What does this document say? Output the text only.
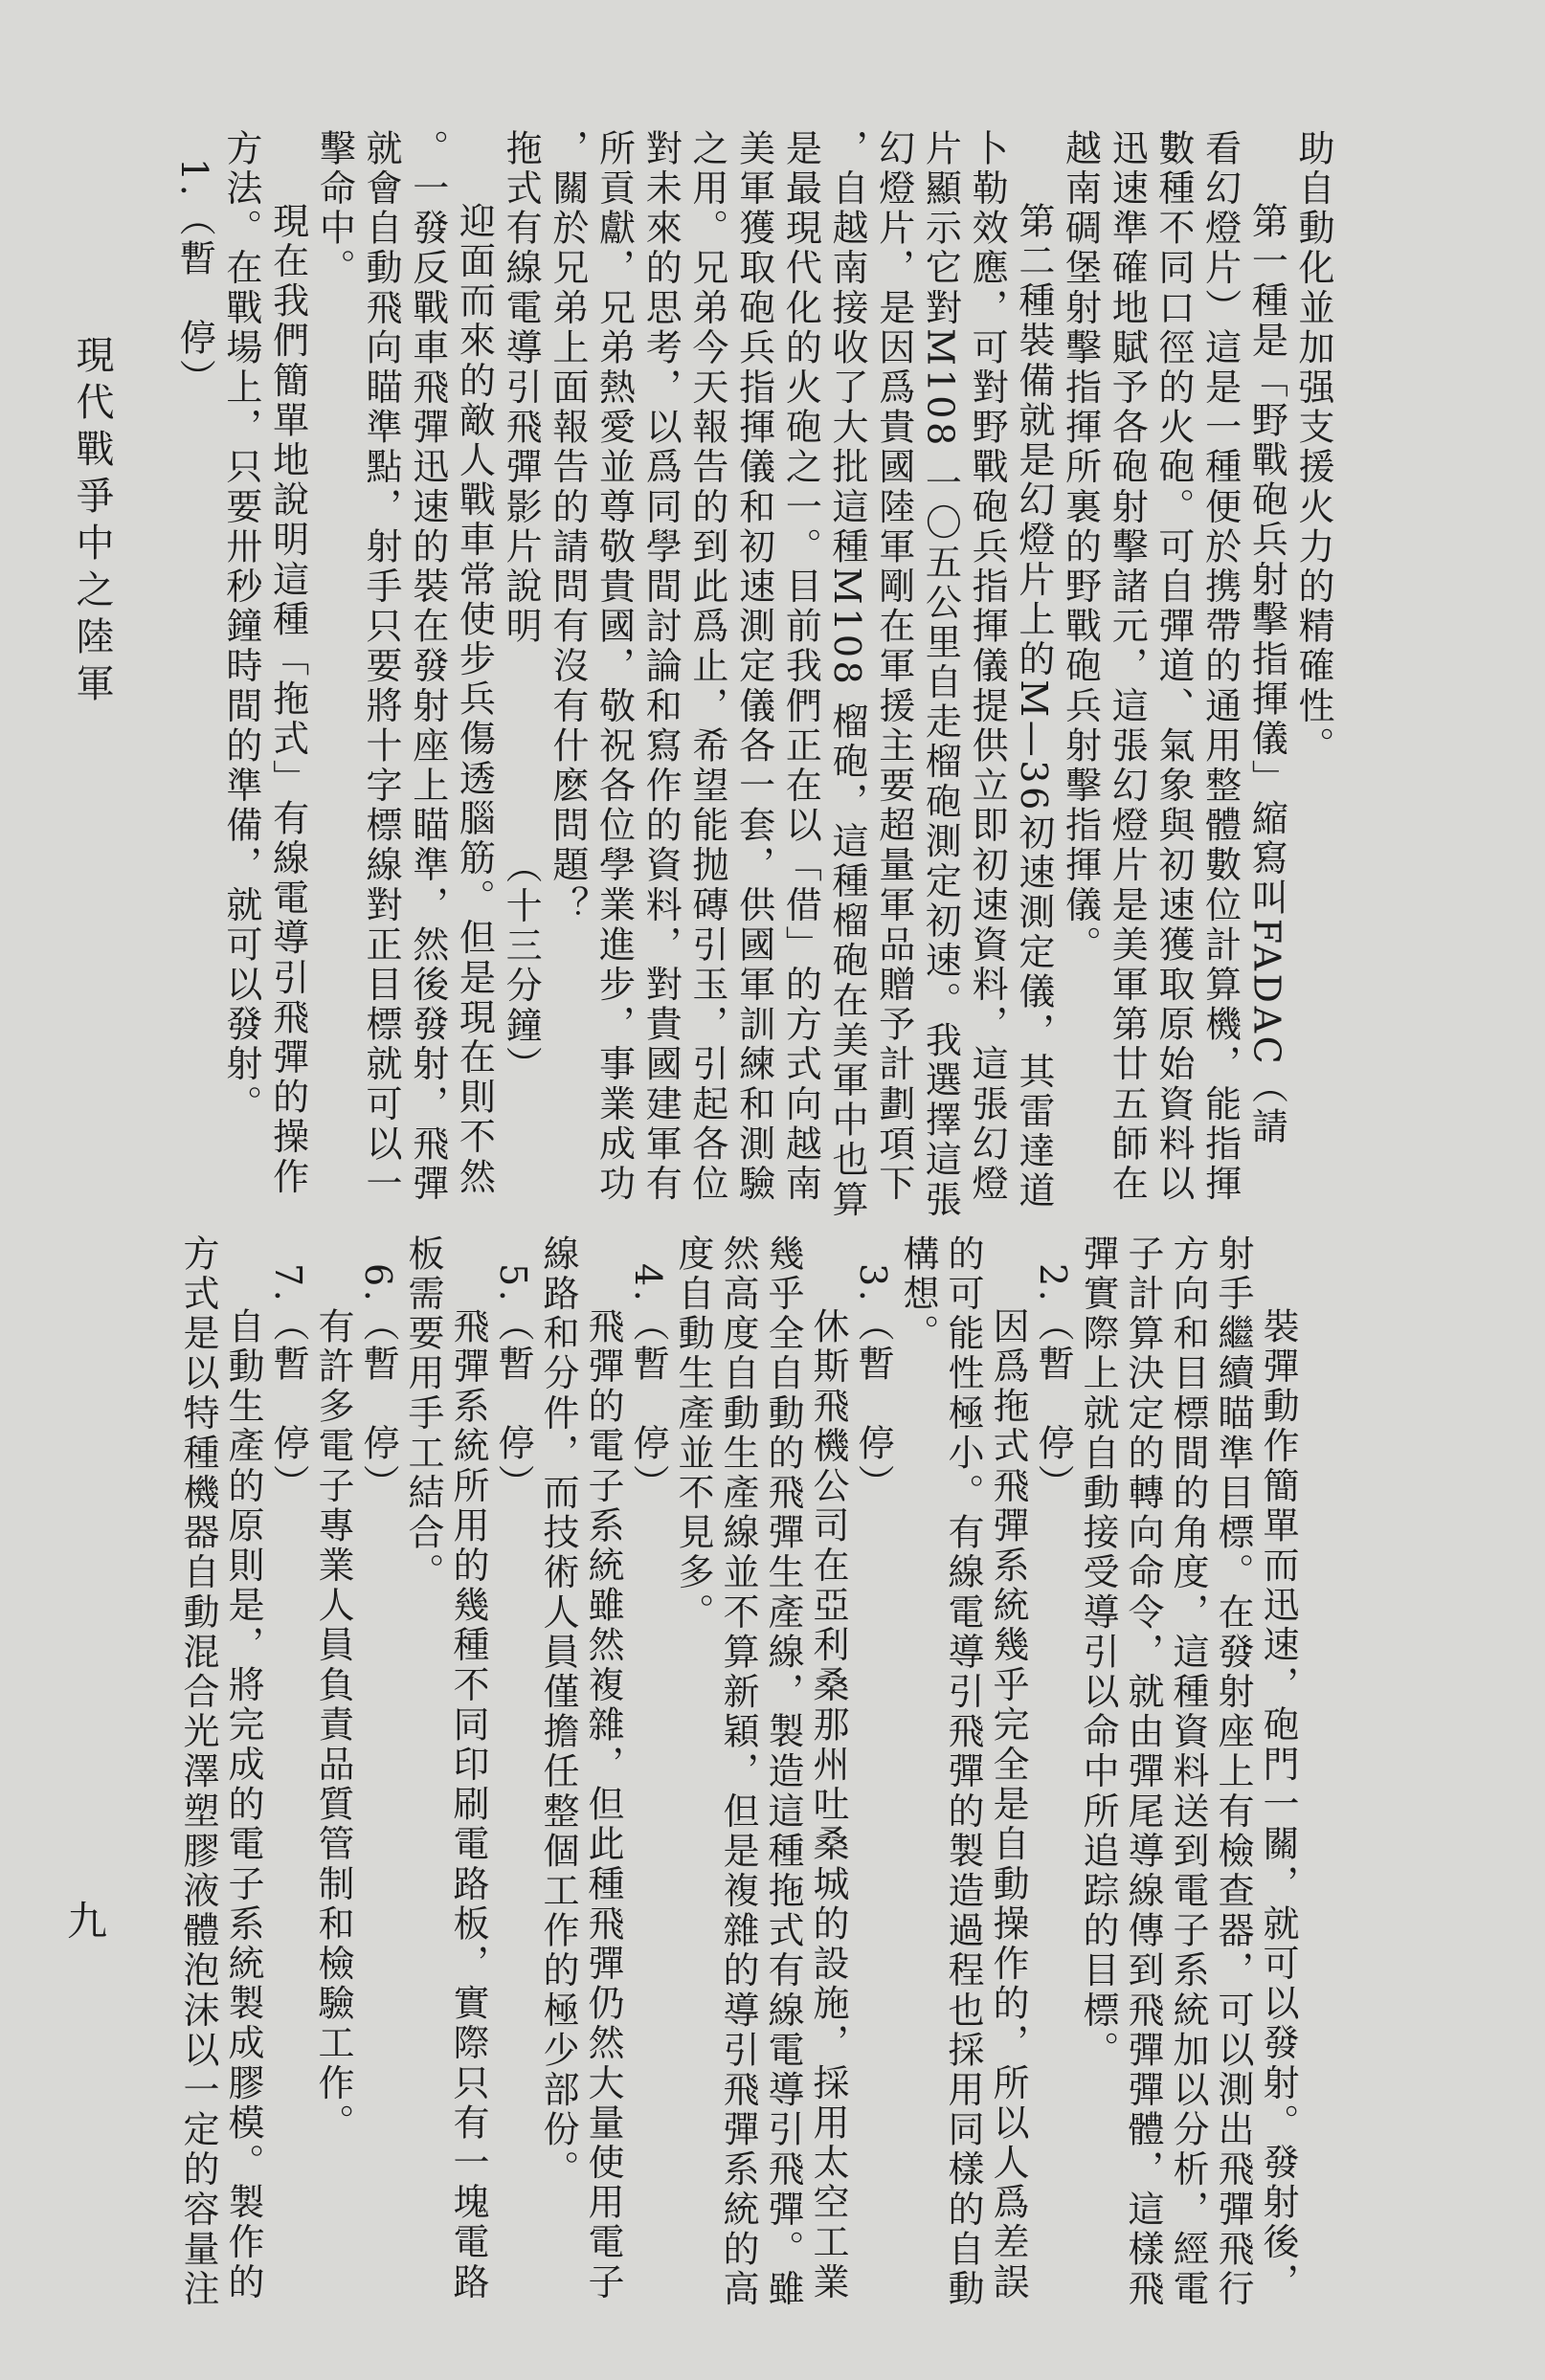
現代戰爭中之陸軍
九
助自動化並加强支援火力的精確性。
第一種是「野戰砲兵射擊指揮儀」縮寫叫FADAC（請
看幻燈片）這是一種便於携帶的通用整體數位計算機，能指揮
數種不同口徑的火砲。可自彈道、氣象與初速獲取原始資料以
迅速準確地賦予各砲射擊諸元，這張幻燈片是美軍第廿五師在
越南碉堡射擊指揮所裏的野戰砲兵射擊指揮儀。
第二種裝備就是幻燈片上的M—36初速測定儀，其雷達道
卜勒效應，可對野戰砲兵指揮儀提供立即初速資料，這張幻燈
片顯示它對M108 一〇五公里自走榴砲測定初速。我選擇這張
幻燈片，是因爲貴國陸軍剛在軍援主要超量軍品贈予計劃項下
，自越南接收了大批這種M108 榴砲，這種榴砲在美軍中也算
是最現代化的火砲之一。目前我們正在以「借」的方式向越南
美軍獲取砲兵指揮儀和初速測定儀各一套，供國軍訓練和測驗
之用。兄弟今天報告的到此爲止，希望能抛磚引玉，引起各位
對未來的思考，以爲同學間討論和寫作的資料，對貴國建軍有
所貢獻，兄弟熱愛並尊敬貴國，敬祝各位學業進步，事業成功
，關於兄弟上面報告的請問有沒有什麽問題？
拖式有線電導引飛彈影片說明
（十三分鐘）
迎面而來的敵人戰車常使步兵傷透腦筋。但是現在則不然
。一發反戰車飛彈迅速的裝在發射座上瞄準，然後發射，飛彈
就會自動飛向瞄準點，射手只要將十字標線對正目標就可以一
擊命中。
現在我們簡單地說明這種「拖式」有線電導引飛彈的操作
方法。在戰場上，只要卅秒鐘時間的準備，就可以發射。
1.（暫　停）
裝彈動作簡單而迅速，砲門一關，就可以發射。發射後，
射手繼續瞄準目標。在發射座上有檢查器，可以測出飛彈飛行
方向和目標間的角度，這種資料送到電子系統加以分析，經電
子計算決定的轉向命令，就由彈尾導線傳到飛彈彈體，這樣飛
彈實際上就自動接受導引以命中所追踪的目標。
2.（暫　停）
因爲拖式飛彈系統幾乎完全是自動操作的，所以人爲差誤
的可能性極小。有線電導引飛彈的製造過程也採用同樣的自動
構想。
3.（暫　停）
休斯飛機公司在亞利桑那州吐桑城的設施，採用太空工業
幾乎全自動的飛彈生產線，製造這種拖式有線電導引飛彈。雖
然高度自動生產線並不算新穎，但是複雜的導引飛彈系統的高
度自動生產並不見多。
4.（暫　停）
飛彈的電子系統雖然複雜，但此種飛彈仍然大量使用電子
線路和分件，而技術人員僅擔任整個工作的極少部份。
5.（暫　停）
飛彈系統所用的幾種不同印刷電路板，實際只有一塊電路
板需要用手工結合。
6.（暫　停）
有許多電子專業人員負責品質管制和檢驗工作。
7.（暫　停）
自動生產的原則是，將完成的電子系統製成膠模。製作的
方式是以特種機器自動混合光澤塑膠液體泡沫以一定的容量注
